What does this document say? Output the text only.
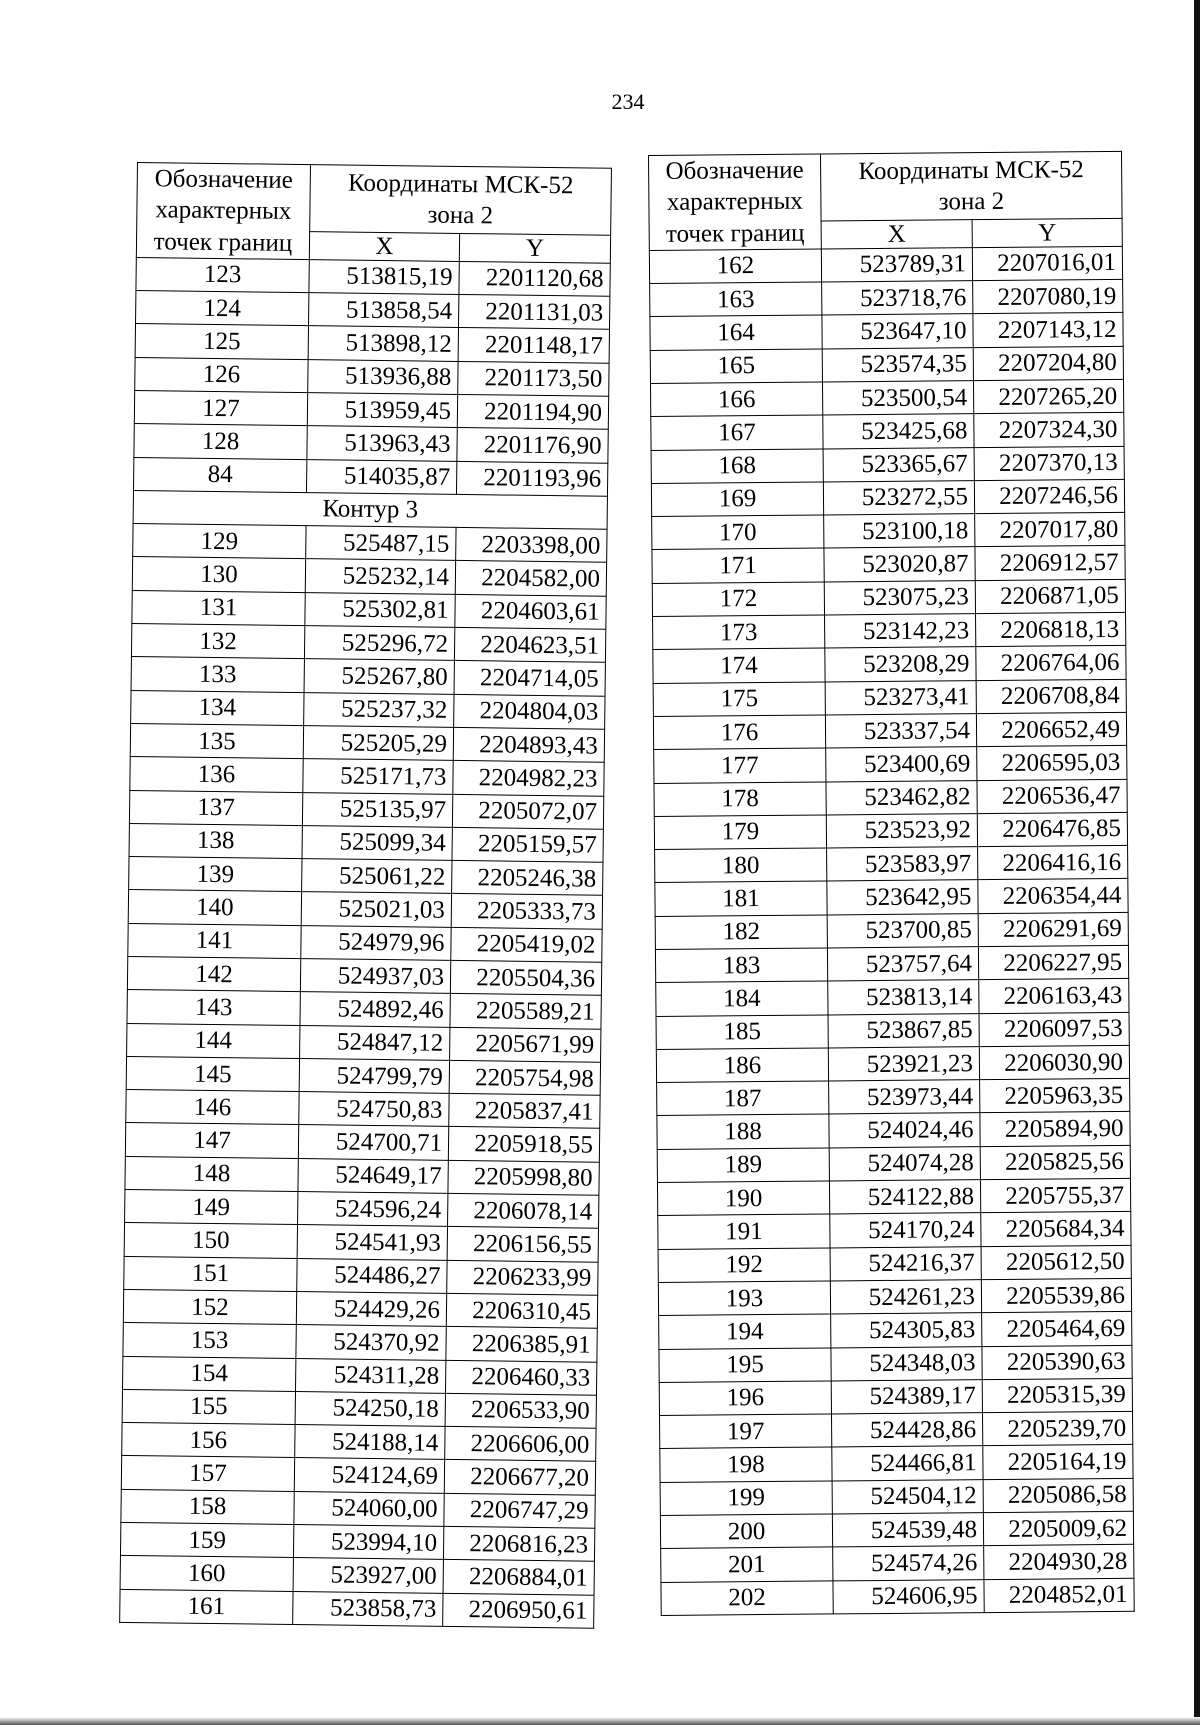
234
Обозначение
характерных
точек границ	Координаты МСК-52
зона 2	
	X	Y
123	513815,19	2201120,68
124	513858,54	2201131,03
125	513898,12	2201148,17
126	513936,88	2201173,50
127	513959,45	2201194,90
128	513963,43	2201176,90
84	514035,87	2201193,96
Контур 3		
129	525487,15	2203398,00
130	525232,14	2204582,00
131	525302,81	2204603,61
132	525296,72	2204623,51
133	525267,80	2204714,05
134	525237,32	2204804,03
135	525205,29	2204893,43
136	525171,73	2204982,23
137	525135,97	2205072,07
138	525099,34	2205159,57
139	525061,22	2205246,38
140	525021,03	2205333,73
141	524979,96	2205419,02
142	524937,03	2205504,36
143	524892,46	2205589,21
144	524847,12	2205671,99
145	524799,79	2205754,98
146	524750,83	2205837,41
147	524700,71	2205918,55
148	524649,17	2205998,80
149	524596,24	2206078,14
150	524541,93	2206156,55
151	524486,27	2206233,99
152	524429,26	2206310,45
153	524370,92	2206385,91
154	524311,28	2206460,33
155	524250,18	2206533,90
156	524188,14	2206606,00
157	524124,69	2206677,20
158	524060,00	2206747,29
159	523994,10	2206816,23
160	523927,00	2206884,01
161	523858,73	2206950,61
Обозначение
характерных
точек границ	Координаты МСК-52
зона 2	
	X	Y
162	523789,31	2207016,01
163	523718,76	2207080,19
164	523647,10	2207143,12
165	523574,35	2207204,80
166	523500,54	2207265,20
167	523425,68	2207324,30
168	523365,67	2207370,13
169	523272,55	2207246,56
170	523100,18	2207017,80
171	523020,87	2206912,57
172	523075,23	2206871,05
173	523142,23	2206818,13
174	523208,29	2206764,06
175	523273,41	2206708,84
176	523337,54	2206652,49
177	523400,69	2206595,03
178	523462,82	2206536,47
179	523523,92	2206476,85
180	523583,97	2206416,16
181	523642,95	2206354,44
182	523700,85	2206291,69
183	523757,64	2206227,95
184	523813,14	2206163,43
185	523867,85	2206097,53
186	523921,23	2206030,90
187	523973,44	2205963,35
188	524024,46	2205894,90
189	524074,28	2205825,56
190	524122,88	2205755,37
191	524170,24	2205684,34
192	524216,37	2205612,50
193	524261,23	2205539,86
194	524305,83	2205464,69
195	524348,03	2205390,63
196	524389,17	2205315,39
197	524428,86	2205239,70
198	524466,81	2205164,19
199	524504,12	2205086,58
200	524539,48	2205009,62
201	524574,26	2204930,28
202	524606,95	2204852,01
